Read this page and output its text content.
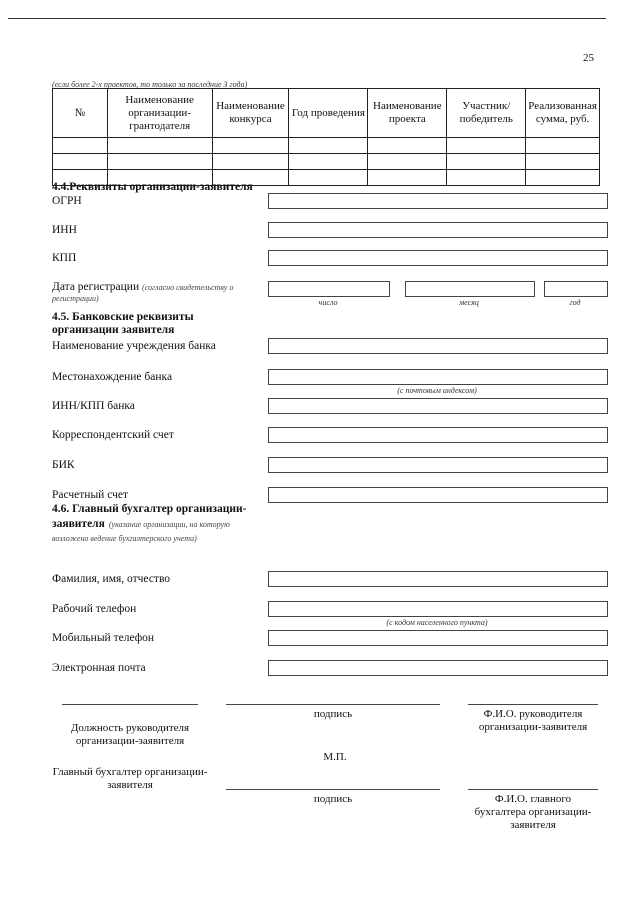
25
(если более 2-х проектов, то только за последние 3 года)
№	Наименование организации-грантодателя	Наименование конкурса	Год проведения	Наименование проекта	Участник/ победитель	Реализованная сумма, руб.

4.4.Реквизиты организации-заявителя
ОГРН
ИНН
КПП
Дата регистрации (согласно свидетельству о регистрации)	число	месяц	год
4.5. Банковские реквизиты
организации заявителя
Наименование учреждения банка
Местонахождение банка
(с почтовым индексом)
ИНН/КПП банка
Корреспондентский счет
БИК
Расчетный счет
4.6. Главный бухгалтер организации-
заявителя (указание организации, на которую возложено ведение бухгалтерского учета)
Фамилия, имя, отчество
Рабочий телефон
(с кодом населенного пункта)
Мобильный телефон
Электронная почта
подпись	Ф.И.О. руководителя организации-заявителя
Должность руководителя организации-заявителя
М.П.
Главный бухгалтер организации-заявителя
подпись	Ф.И.О. главного бухгалтера организации-заявителя
